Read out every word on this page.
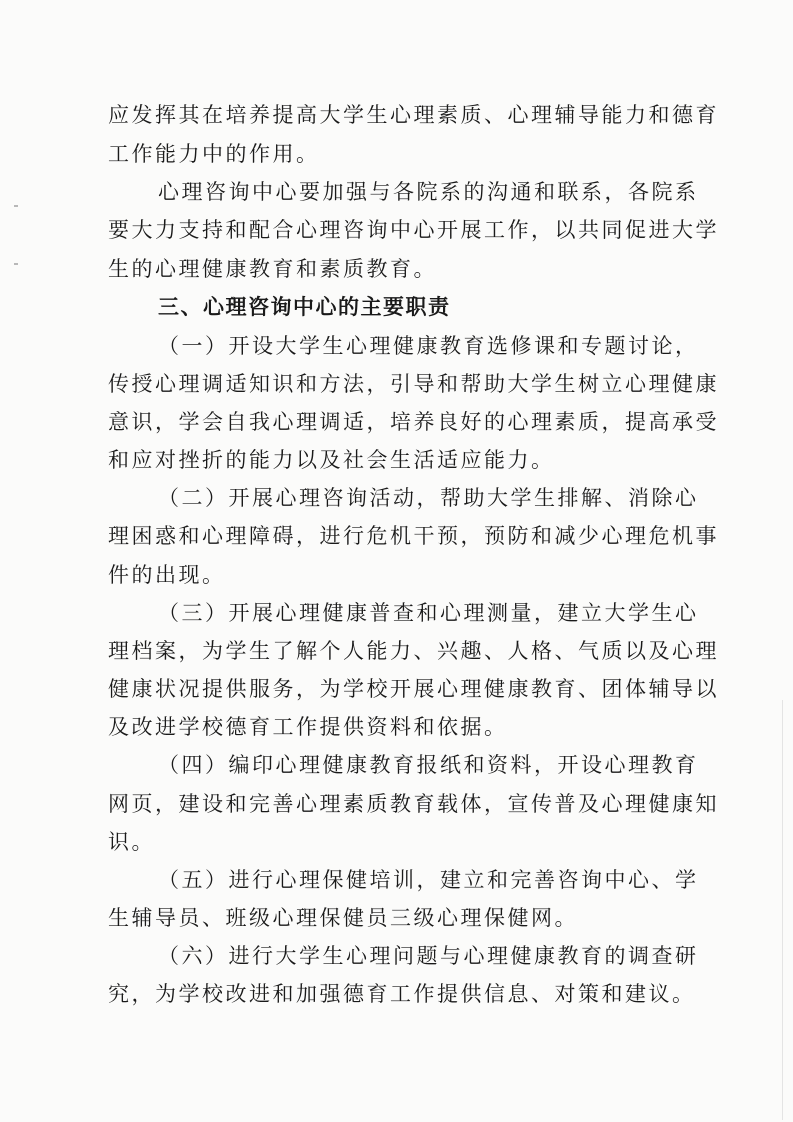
应发挥其在培养提高大学生心理素质、心理辅导能力和德育
工作能力中的作用。
心理咨询中心要加强与各院系的沟通和联系，各院系
要大力支持和配合心理咨询中心开展工作，以共同促进大学
生的心理健康教育和素质教育。
三、心理咨询中心的主要职责
（一）开设大学生心理健康教育选修课和专题讨论，
传授心理调适知识和方法，引导和帮助大学生树立心理健康
意识，学会自我心理调适，培养良好的心理素质，提高承受
和应对挫折的能力以及社会生活适应能力。
（二）开展心理咨询活动，帮助大学生排解、消除心
理困惑和心理障碍，进行危机干预，预防和减少心理危机事
件的出现。
（三）开展心理健康普查和心理测量，建立大学生心
理档案，为学生了解个人能力、兴趣、人格、气质以及心理
健康状况提供服务，为学校开展心理健康教育、团体辅导以
及改进学校德育工作提供资料和依据。
（四）编印心理健康教育报纸和资料，开设心理教育
网页，建设和完善心理素质教育载体，宣传普及心理健康知
识。
（五）进行心理保健培训，建立和完善咨询中心、学
生辅导员、班级心理保健员三级心理保健网。
（六）进行大学生心理问题与心理健康教育的调查研
究，为学校改进和加强德育工作提供信息、对策和建议。
